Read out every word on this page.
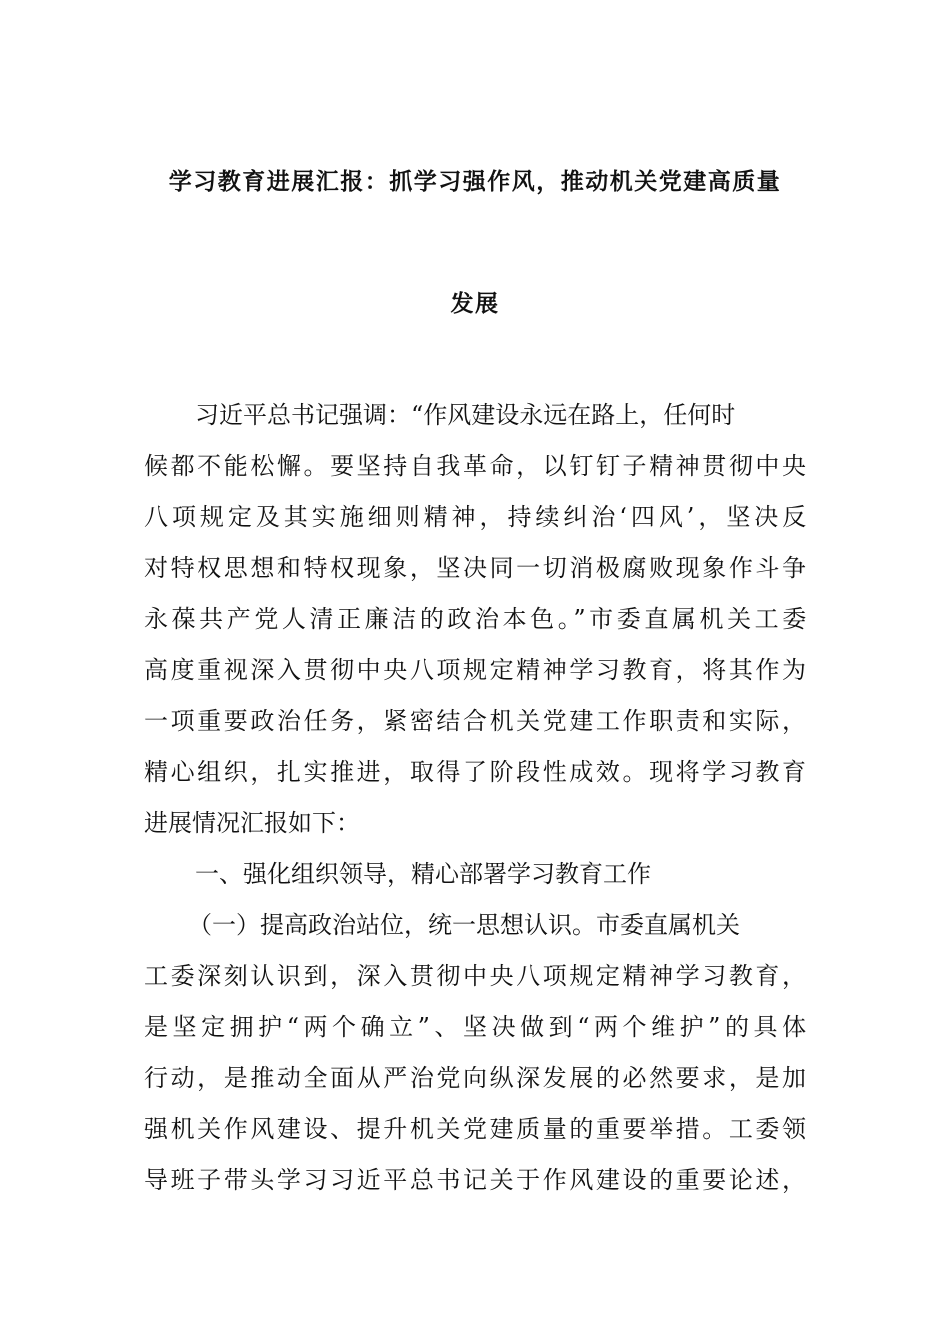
学习教育进展汇报：抓学习强作风，推动机关党建高质量
发展
习近平总书记强调：“作风建设永远在路上，任何时
候都不能松懈。要坚持自我革命，以钉钉子精神贯彻中央
八项规定及其实施细则精神，持续纠治‘四风’，坚决反
对特权思想和特权现象，坚决同一切消极腐败现象作斗争
永葆共产党人清正廉洁的政治本色。”市委直属机关工委
高度重视深入贯彻中央八项规定精神学习教育，将其作为
一项重要政治任务，紧密结合机关党建工作职责和实际，
精心组织，扎实推进，取得了阶段性成效。现将学习教育
进展情况汇报如下：
一、强化组织领导，精心部署学习教育工作
（一）提高政治站位，统一思想认识。市委直属机关
工委深刻认识到，深入贯彻中央八项规定精神学习教育，
是坚定拥护“两个确立”、坚决做到“两个维护”的具体
行动，是推动全面从严治党向纵深发展的必然要求，是加
强机关作风建设、提升机关党建质量的重要举措。工委领
导班子带头学习习近平总书记关于作风建设的重要论述，
